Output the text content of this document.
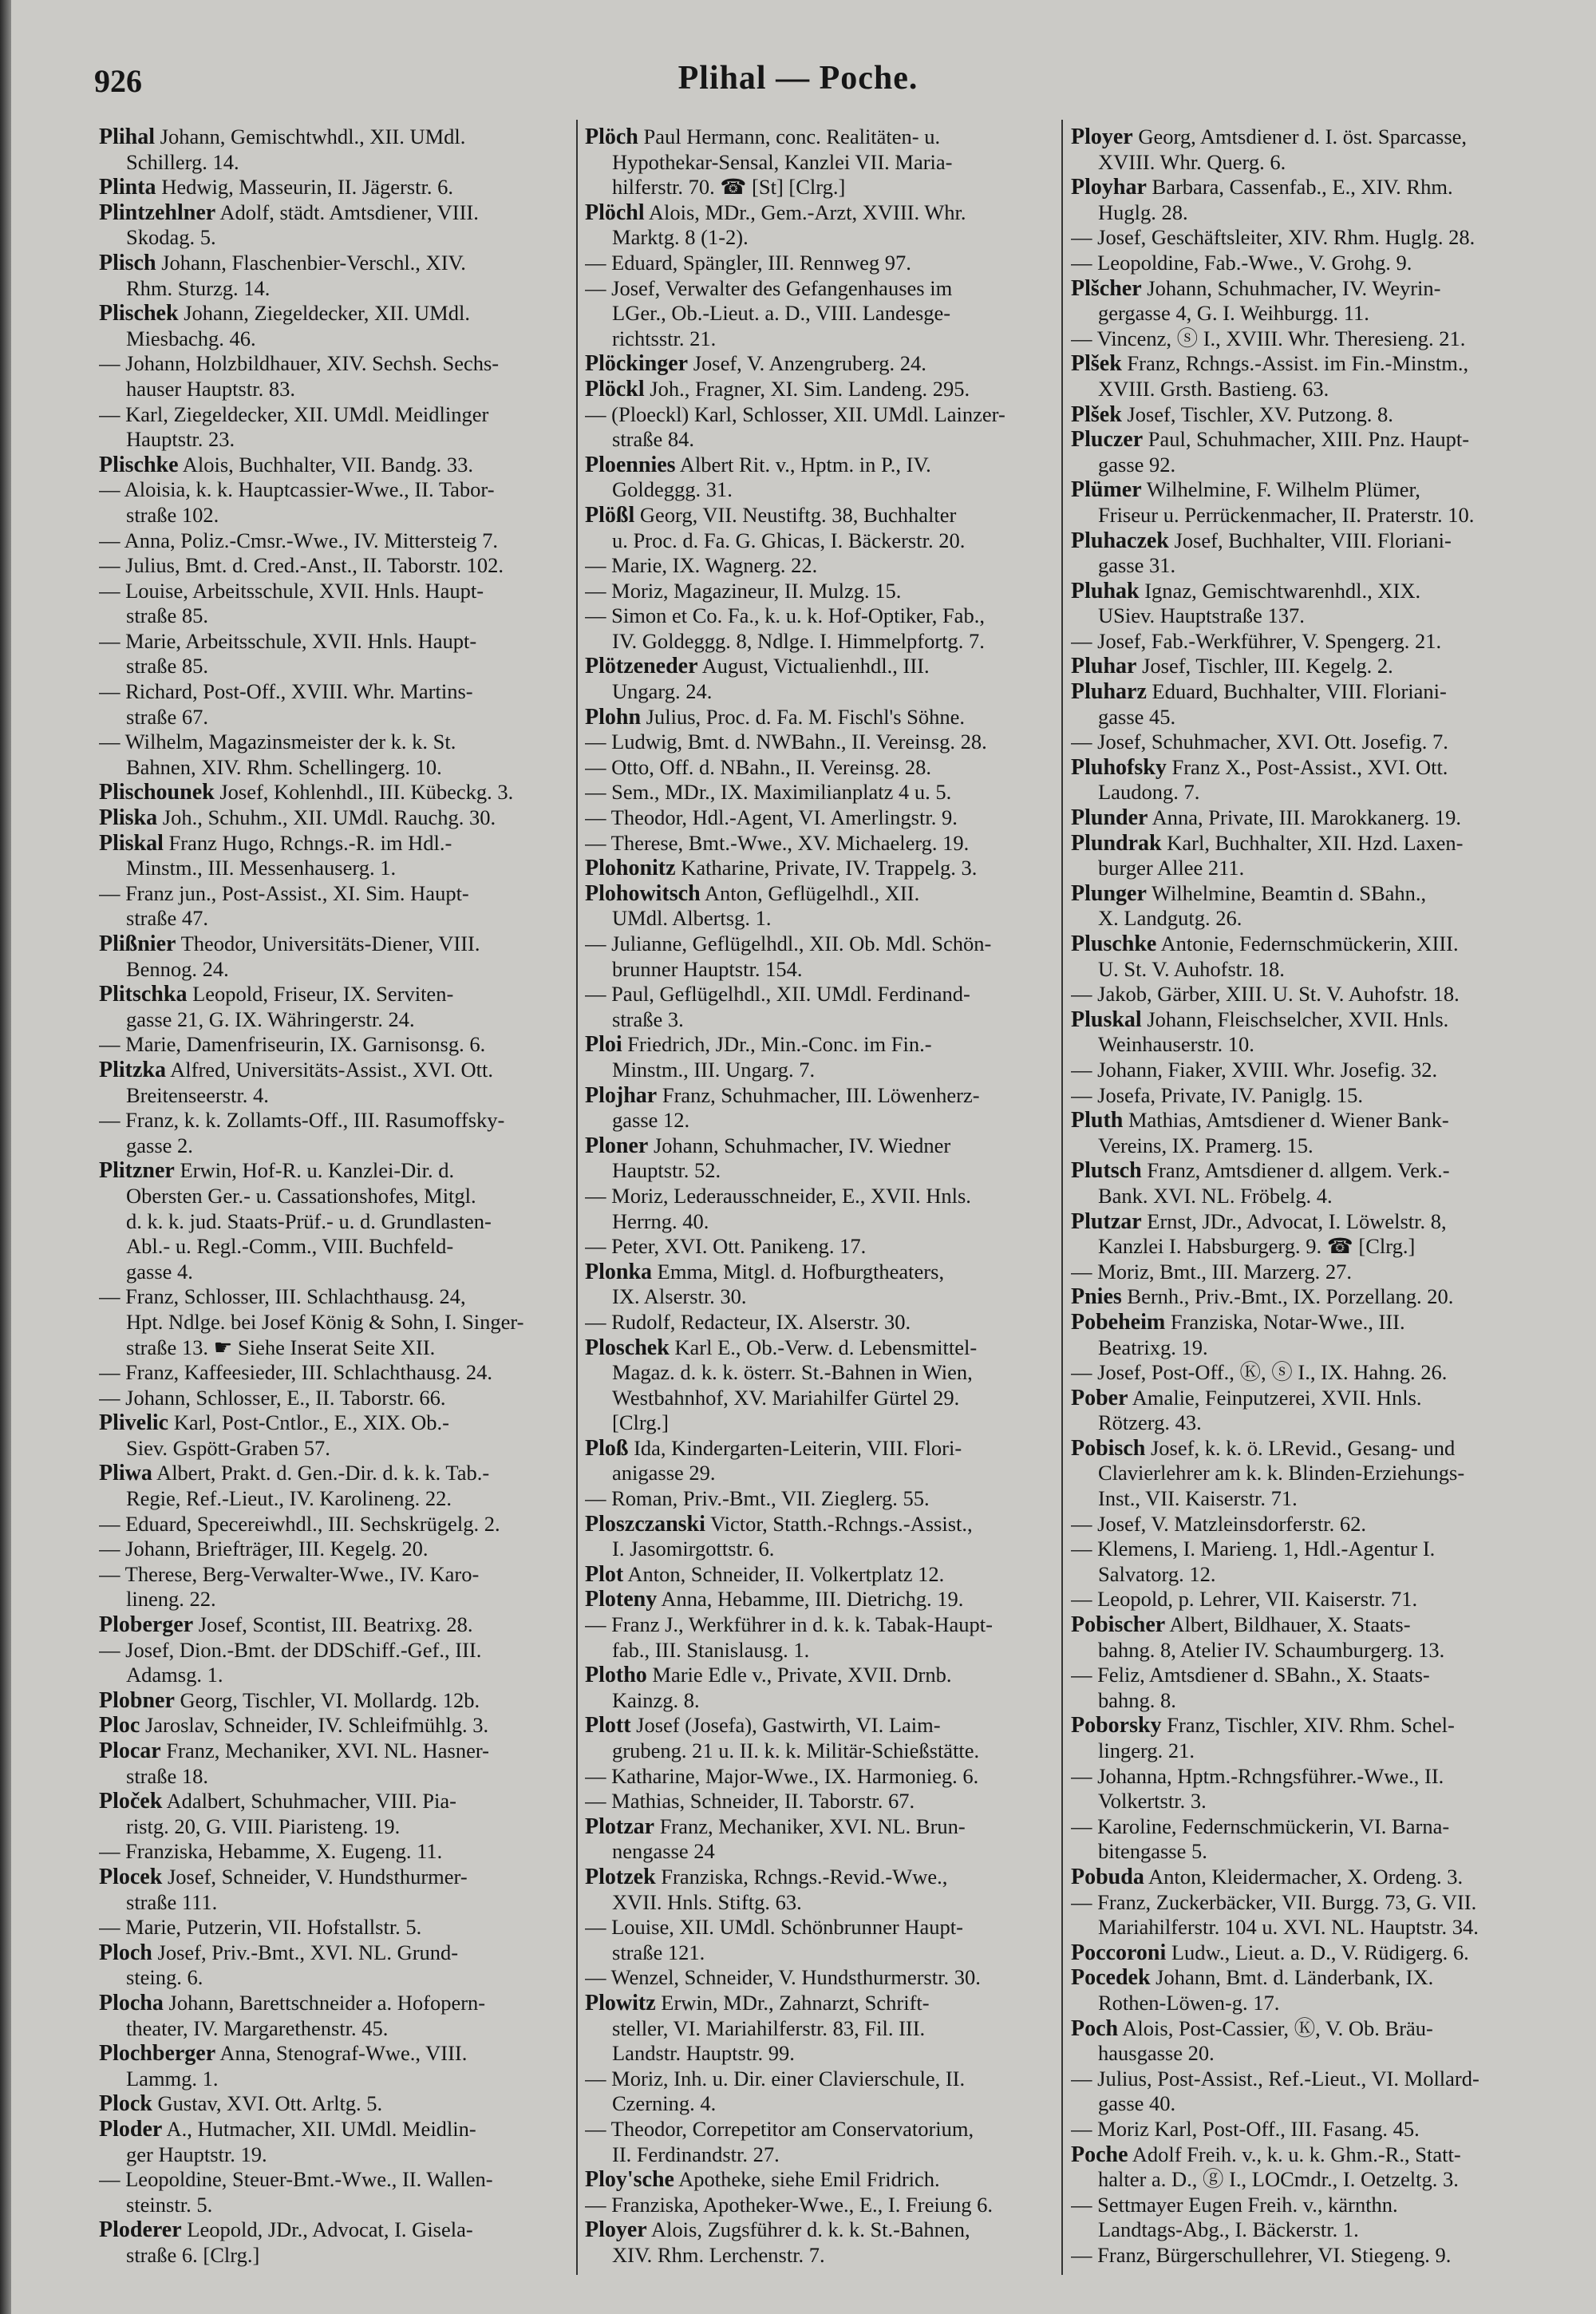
926	Plihal — Poche.
Plihal Johann, Gemischtwhdl., XII. UMdl.
Schillerg. 14.
Plinta Hedwig, Masseurin, II. Jägerstr. 6.
Plintzehlner Adolf, städt. Amtsdiener, VIII.
Skodag. 5.
Plisch Johann, Flaschenbier-Verschl., XIV.
Rhm. Sturzg. 14.
Plischek Johann, Ziegeldecker, XII. UMdl.
Miesbachg. 46.
— Johann, Holzbildhauer, XIV. Sechsh. Sechs-
hauser Hauptstr. 83.
— Karl, Ziegeldecker, XII. UMdl. Meidlinger
Hauptstr. 23.
Plischke Alois, Buchhalter, VII. Bandg. 33.
— Aloisia, k. k. Hauptcassier-Wwe., II. Tabor-
straße 102.
— Anna, Poliz.-Cmsr.-Wwe., IV. Mittersteig 7.
— Julius, Bmt. d. Cred.-Anst., II. Taborstr. 102.
— Louise, Arbeitsschule, XVII. Hnls. Haupt-
straße 85.
— Marie, Arbeitsschule, XVII. Hnls. Haupt-
straße 85.
— Richard, Post-Off., XVIII. Whr. Martins-
straße 67.
— Wilhelm, Magazinsmeister der k. k. St.
Bahnen, XIV. Rhm. Schellingerg. 10.
Plischounek Josef, Kohlenhdl., III. Kübeckg. 3.
Pliska Joh., Schuhm., XII. UMdl. Rauchg. 30.
Pliskal Franz Hugo, Rchngs.-R. im Hdl.-
Minstm., III. Messenhauserg. 1.
— Franz jun., Post-Assist., XI. Sim. Haupt-
straße 47.
Plißnier Theodor, Universitäts-Diener, VIII.
Bennog. 24.
Plitschka Leopold, Friseur, IX. Serviten-
gasse 21, G. IX. Währingerstr. 24.
— Marie, Damenfriseurin, IX. Garnisonsg. 6.
Plitzka Alfred, Universitäts-Assist., XVI. Ott.
Breitenseerstr. 4.
— Franz, k. k. Zollamts-Off., III. Rasumoffsky-
gasse 2.
Plitzner Erwin, Hof-R. u. Kanzlei-Dir. d.
Obersten Ger.- u. Cassationshofes, Mitgl.
d. k. k. jud. Staats-Prüf.- u. d. Grundlasten-
Abl.- u. Regl.-Comm., VIII. Buchfeld-
gasse 4.
— Franz, Schlosser, III. Schlachthausg. 24,
Hpt. Ndlge. bei Josef König & Sohn, I. Singer-
straße 13. ☛ Siehe Inserat Seite XII.
— Franz, Kaffeesieder, III. Schlachthausg. 24.
— Johann, Schlosser, E., II. Taborstr. 66.
Plivelic Karl, Post-Cntlor., E., XIX. Ob.-
Siev. Gspött-Graben 57.
Pliwa Albert, Prakt. d. Gen.-Dir. d. k. k. Tab.-
Regie, Ref.-Lieut., IV. Karolineng. 22.
— Eduard, Specereiwhdl., III. Sechskrügelg. 2.
— Johann, Briefträger, III. Kegelg. 20.
— Therese, Berg-Verwalter-Wwe., IV. Karo-
lineng. 22.
Ploberger Josef, Scontist, III. Beatrixg. 28.
— Josef, Dion.-Bmt. der DDSchiff.-Gef., III.
Adamsg. 1.
Plobner Georg, Tischler, VI. Mollardg. 12b.
Ploc Jaroslav, Schneider, IV. Schleifmühlg. 3.
Plocar Franz, Mechaniker, XVI. NL. Hasner-
straße 18.
Ploček Adalbert, Schuhmacher, VIII. Pia-
ristg. 20, G. VIII. Piaristeng. 19.
— Franziska, Hebamme, X. Eugeng. 11.
Plocek Josef, Schneider, V. Hundsthurmer-
straße 111.
— Marie, Putzerin, VII. Hofstallstr. 5.
Ploch Josef, Priv.-Bmt., XVI. NL. Grund-
steing. 6.
Plocha Johann, Barettschneider a. Hofopern-
theater, IV. Margarethenstr. 45.
Plochberger Anna, Stenograf-Wwe., VIII.
Lammg. 1.
Plock Gustav, XVI. Ott. Arltg. 5.
Ploder A., Hutmacher, XII. UMdl. Meidlin-
ger Hauptstr. 19.
— Leopoldine, Steuer-Bmt.-Wwe., II. Wallen-
steinstr. 5.
Ploderer Leopold, JDr., Advocat, I. Gisela-
straße 6. [Clrg.]
Plöch Paul Hermann, conc. Realitäten- u.
Hypothekar-Sensal, Kanzlei VII. Maria-
hilferstr. 70. ☎ [St] [Clrg.]
Plöchl Alois, MDr., Gem.-Arzt, XVIII. Whr.
Marktg. 8 (1-2).
— Eduard, Spängler, III. Rennweg 97.
— Josef, Verwalter des Gefangenhauses im
LGer., Ob.-Lieut. a. D., VIII. Landesge-
richtsstr. 21.
Plöckinger Josef, V. Anzengruberg. 24.
Plöckl Joh., Fragner, XI. Sim. Landeng. 295.
— (Ploeckl) Karl, Schlosser, XII. UMdl. Lainzer-
straße 84.
Ploennies Albert Rit. v., Hptm. in P., IV.
Goldeggg. 31.
Plößl Georg, VII. Neustiftg. 38, Buchhalter
u. Proc. d. Fa. G. Ghicas, I. Bäckerstr. 20.
— Marie, IX. Wagnerg. 22.
— Moriz, Magazineur, II. Mulzg. 15.
— Simon et Co. Fa., k. u. k. Hof-Optiker, Fab.,
IV. Goldeggg. 8, Ndlge. I. Himmelpfortg. 7.
Plötzeneder August, Victualienhdl., III.
Ungarg. 24.
Plohn Julius, Proc. d. Fa. M. Fischl's Söhne.
— Ludwig, Bmt. d. NWBahn., II. Vereinsg. 28.
— Otto, Off. d. NBahn., II. Vereinsg. 28.
— Sem., MDr., IX. Maximilianplatz 4 u. 5.
— Theodor, Hdl.-Agent, VI. Amerlingstr. 9.
— Therese, Bmt.-Wwe., XV. Michaelerg. 19.
Plohonitz Katharine, Private, IV. Trappelg. 3.
Plohowitsch Anton, Geflügelhdl., XII.
UMdl. Albertsg. 1.
— Julianne, Geflügelhdl., XII. Ob. Mdl. Schön-
brunner Hauptstr. 154.
— Paul, Geflügelhdl., XII. UMdl. Ferdinand-
straße 3.
Ploi Friedrich, JDr., Min.-Conc. im Fin.-
Minstm., III. Ungarg. 7.
Plojhar Franz, Schuhmacher, III. Löwenherz-
gasse 12.
Ploner Johann, Schuhmacher, IV. Wiedner
Hauptstr. 52.
— Moriz, Lederausschneider, E., XVII. Hnls.
Herrng. 40.
— Peter, XVI. Ott. Panikeng. 17.
Plonka Emma, Mitgl. d. Hofburgtheaters,
IX. Alserstr. 30.
— Rudolf, Redacteur, IX. Alserstr. 30.
Ploschek Karl E., Ob.-Verw. d. Lebensmittel-
Magaz. d. k. k. österr. St.-Bahnen in Wien,
Westbahnhof, XV. Mariahilfer Gürtel 29.
[Clrg.]
Ploß Ida, Kindergarten-Leiterin, VIII. Flori-
anigasse 29.
— Roman, Priv.-Bmt., VII. Zieglerg. 55.
Ploszczanski Victor, Statth.-Rchngs.-Assist.,
I. Jasomirgottstr. 6.
Plot Anton, Schneider, II. Volkertplatz 12.
Ploteny Anna, Hebamme, III. Dietrichg. 19.
— Franz J., Werkführer in d. k. k. Tabak-Haupt-
fab., III. Stanislausg. 1.
Plotho Marie Edle v., Private, XVII. Drnb.
Kainzg. 8.
Plott Josef (Josefa), Gastwirth, VI. Laim-
grubeng. 21 u. II. k. k. Militär-Schießstätte.
— Katharine, Major-Wwe., IX. Harmonieg. 6.
— Mathias, Schneider, II. Taborstr. 67.
Plotzar Franz, Mechaniker, XVI. NL. Brun-
nengasse 24
Plotzek Franziska, Rchngs.-Revid.-Wwe.,
XVII. Hnls. Stiftg. 63.
— Louise, XII. UMdl. Schönbrunner Haupt-
straße 121.
— Wenzel, Schneider, V. Hundsthurmerstr. 30.
Plowitz Erwin, MDr., Zahnarzt, Schrift-
steller, VI. Mariahilferstr. 83, Fil. III.
Landstr. Hauptstr. 99.
— Moriz, Inh. u. Dir. einer Clavierschule, II.
Czerning. 4.
— Theodor, Correpetitor am Conservatorium,
II. Ferdinandstr. 27.
Ploy'sche Apotheke, siehe Emil Fridrich.
— Franziska, Apotheker-Wwe., E., I. Freiung 6.
Ployer Alois, Zugsführer d. k. k. St.-Bahnen,
XIV. Rhm. Lerchenstr. 7.
Ployer Georg, Amtsdiener d. I. öst. Sparcasse,
XVIII. Whr. Querg. 6.
Ployhar Barbara, Cassenfab., E., XIV. Rhm.
Huglg. 28.
— Josef, Geschäftsleiter, XIV. Rhm. Huglg. 28.
— Leopoldine, Fab.-Wwe., V. Grohg. 9.
Plšcher Johann, Schuhmacher, IV. Weyrin-
gergasse 4, G. I. Weihburgg. 11.
— Vincenz, ⓢ I., XVIII. Whr. Theresieng. 21.
Plšek Franz, Rchngs.-Assist. im Fin.-Minstm.,
XVIII. Grsth. Bastieng. 63.
Plšek Josef, Tischler, XV. Putzong. 8.
Pluczer Paul, Schuhmacher, XIII. Pnz. Haupt-
gasse 92.
Plümer Wilhelmine, F. Wilhelm Plümer,
Friseur u. Perrückenmacher, II. Praterstr. 10.
Pluhaczek Josef, Buchhalter, VIII. Floriani-
gasse 31.
Pluhak Ignaz, Gemischtwarenhdl., XIX.
USiev. Hauptstraße 137.
— Josef, Fab.-Werkführer, V. Spengerg. 21.
Pluhar Josef, Tischler, III. Kegelg. 2.
Pluharz Eduard, Buchhalter, VIII. Floriani-
gasse 45.
— Josef, Schuhmacher, XVI. Ott. Josefig. 7.
Pluhofsky Franz X., Post-Assist., XVI. Ott.
Laudong. 7.
Plunder Anna, Private, III. Marokkanerg. 19.
Plundrak Karl, Buchhalter, XII. Hzd. Laxen-
burger Allee 211.
Plunger Wilhelmine, Beamtin d. SBahn.,
X. Landgutg. 26.
Pluschke Antonie, Federnschmückerin, XIII.
U. St. V. Auhofstr. 18.
— Jakob, Gärber, XIII. U. St. V. Auhofstr. 18.
Pluskal Johann, Fleischselcher, XVII. Hnls.
Weinhauserstr. 10.
— Johann, Fiaker, XVIII. Whr. Josefig. 32.
— Josefa, Private, IV. Paniglg. 15.
Pluth Mathias, Amtsdiener d. Wiener Bank-
Vereins, IX. Pramerg. 15.
Plutsch Franz, Amtsdiener d. allgem. Verk.-
Bank. XVI. NL. Fröbelg. 4.
Plutzar Ernst, JDr., Advocat, I. Löwelstr. 8,
Kanzlei I. Habsburgerg. 9. ☎ [Clrg.]
— Moriz, Bmt., III. Marzerg. 27.
Pnies Bernh., Priv.-Bmt., IX. Porzellang. 20.
Pobeheim Franziska, Notar-Wwe., III.
Beatrixg. 19.
— Josef, Post-Off., Ⓚ, ⓢ I., IX. Hahng. 26.
Pober Amalie, Feinputzerei, XVII. Hnls.
Rötzerg. 43.
Pobisch Josef, k. k. ö. LRevid., Gesang- und
Clavierlehrer am k. k. Blinden-Erziehungs-
Inst., VII. Kaiserstr. 71.
— Josef, V. Matzleinsdorferstr. 62.
— Klemens, I. Marieng. 1, Hdl.-Agentur I.
Salvatorg. 12.
— Leopold, p. Lehrer, VII. Kaiserstr. 71.
Pobischer Albert, Bildhauer, X. Staats-
bahng. 8, Atelier IV. Schaumburgerg. 13.
— Feliz, Amtsdiener d. SBahn., X. Staats-
bahng. 8.
Poborsky Franz, Tischler, XIV. Rhm. Schel-
lingerg. 21.
— Johanna, Hptm.-Rchngsführer.-Wwe., II.
Volkertstr. 3.
— Karoline, Federnschmückerin, VI. Barna-
bitengasse 5.
Pobuda Anton, Kleidermacher, X. Ordeng. 3.
— Franz, Zuckerbäcker, VII. Burgg. 73, G. VII.
Mariahilferstr. 104 u. XVI. NL. Hauptstr. 34.
Poccoroni Ludw., Lieut. a. D., V. Rüdigerg. 6.
Pocedek Johann, Bmt. d. Länderbank, IX.
Rothen-Löwen-g. 17.
Poch Alois, Post-Cassier, Ⓚ, V. Ob. Bräu-
hausgasse 20.
— Julius, Post-Assist., Ref.-Lieut., VI. Mollard-
gasse 40.
— Moriz Karl, Post-Off., III. Fasang. 45.
Poche Adolf Freih. v., k. u. k. Ghm.-R., Statt-
halter a. D., ⓖ I., LOCmdr., I. Oetzeltg. 3.
— Settmayer Eugen Freih. v., kärnthn.
Landtags-Abg., I. Bäckerstr. 1.
— Franz, Bürgerschullehrer, VI. Stiegeng. 9.
